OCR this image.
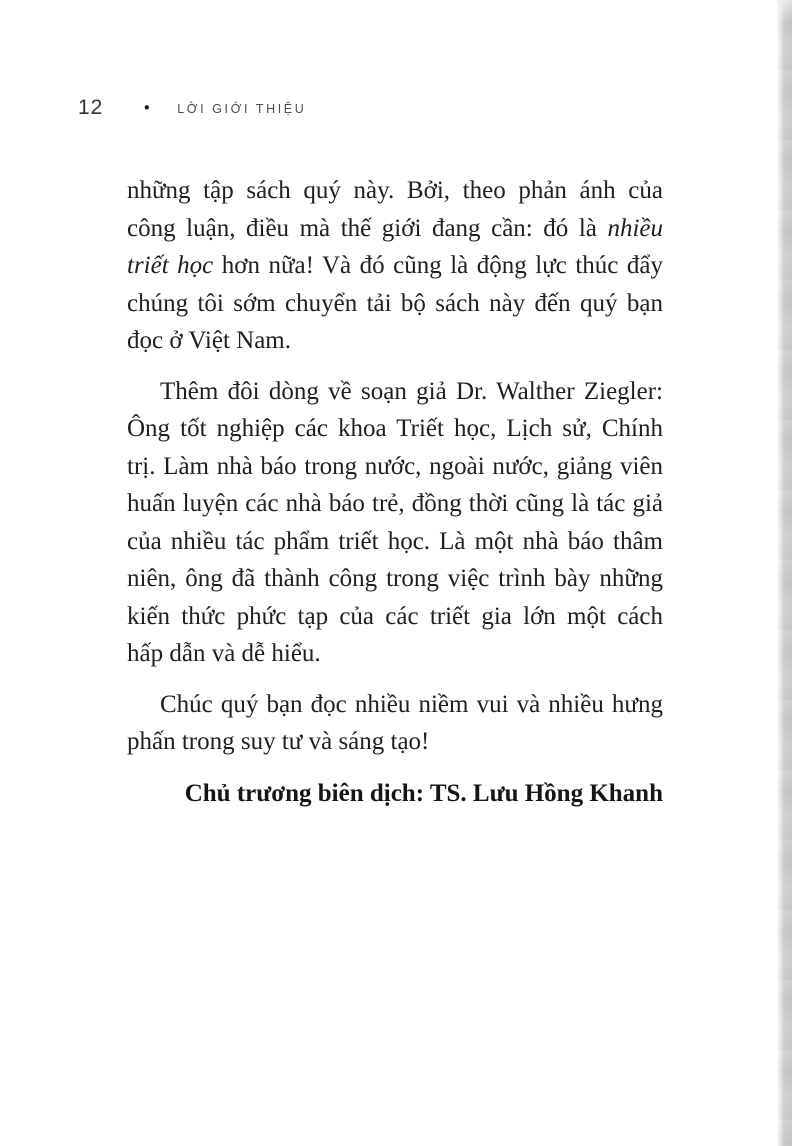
12	• LỜI GIỚI THIỆU
những tập sách quý này. Bởi, theo phản ánh của
công luận, điều mà thế giới đang cần: đó là nhiều
triết học hơn nữa! Và đó cũng là động lực thúc đẩy
chúng tôi sớm chuyển tải bộ sách này đến quý bạn
đọc ở Việt Nam.
Thêm đôi dòng về soạn giả Dr. Walther Ziegler:
Ông tốt nghiệp các khoa Triết học, Lịch sử, Chính
trị. Làm nhà báo trong nước, ngoài nước, giảng viên
huấn luyện các nhà báo trẻ, đồng thời cũng là tác giả
của nhiều tác phẩm triết học. Là một nhà báo thâm
niên, ông đã thành công trong việc trình bày những
kiến thức phức tạp của các triết gia lớn một cách
hấp dẫn và dễ hiểu.
Chúc quý bạn đọc nhiều niềm vui và nhiều hưng
phấn trong suy tư và sáng tạo!
Chủ trương biên dịch: TS. Lưu Hồng Khanh
